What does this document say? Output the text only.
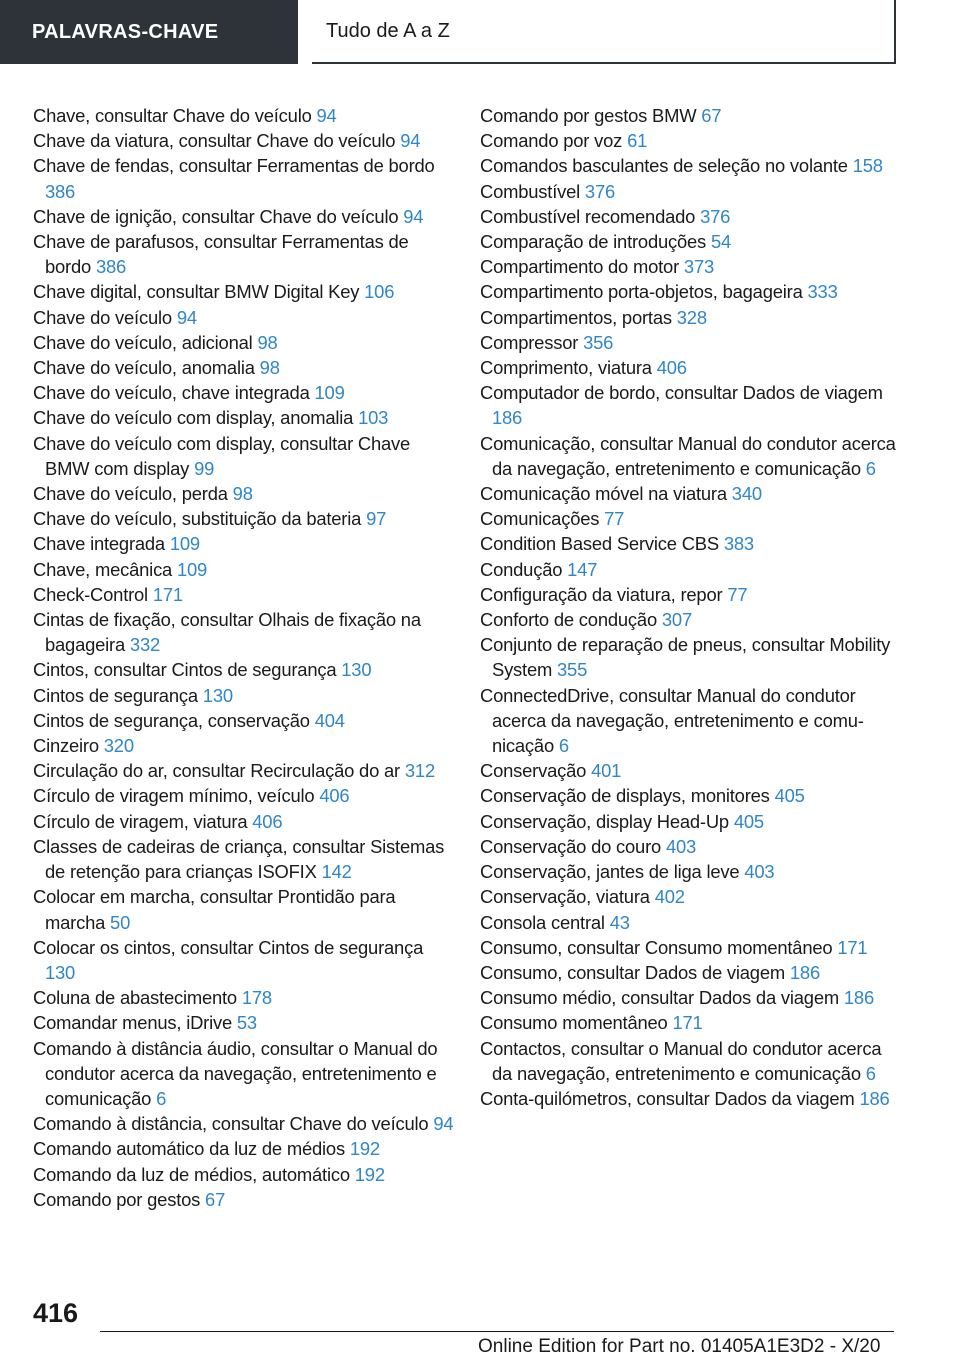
PALAVRAS-CHAVE	Tudo de A a Z
Chave, consultar Chave do veículo 94
Chave da viatura, consultar Chave do veículo 94
Chave de fendas, consultar Ferramentas de bordo 386
Chave de ignição, consultar Chave do veículo 94
Chave de parafusos, consultar Ferramentas de bordo 386
Chave digital, consultar BMW Digital Key 106
Chave do veículo 94
Chave do veículo, adicional 98
Chave do veículo, anomalia 98
Chave do veículo, chave integrada 109
Chave do veículo com display, anomalia 103
Chave do veículo com display, consultar Chave BMW com display 99
Chave do veículo, perda 98
Chave do veículo, substituição da bateria 97
Chave integrada 109
Chave, mecânica 109
Check-Control 171
Cintas de fixação, consultar Olhais de fixação na bagageira 332
Cintos, consultar Cintos de segurança 130
Cintos de segurança 130
Cintos de segurança, conservação 404
Cinzeiro 320
Circulação do ar, consultar Recirculação do ar 312
Círculo de viragem mínimo, veículo 406
Círculo de viragem, viatura 406
Classes de cadeiras de criança, consultar Sistemas de retenção para crianças ISOFIX 142
Colocar em marcha, consultar Prontidão para marcha 50
Colocar os cintos, consultar Cintos de segurança 130
Coluna de abastecimento 178
Comandar menus, iDrive 53
Comando à distância áudio, consultar o Manual do condutor acerca da navegação, entretenimento e comunicação 6
Comando à distância, consultar Chave do veículo 94
Comando automático da luz de médios 192
Comando da luz de médios, automático 192
Comando por gestos 67
Comando por gestos BMW 67
Comando por voz 61
Comandos basculantes de seleção no volante 158
Combustível 376
Combustível recomendado 376
Comparação de introduções 54
Compartimento do motor 373
Compartimento porta-objetos, bagageira 333
Compartimentos, portas 328
Compressor 356
Comprimento, viatura 406
Computador de bordo, consultar Dados de viagem 186
Comunicação, consultar Manual do condutor acerca da navegação, entretenimento e comunicação 6
Comunicação móvel na viatura 340
Comunicações 77
Condition Based Service CBS 383
Condução 147
Configuração da viatura, repor 77
Conforto de condução 307
Conjunto de reparação de pneus, consultar Mobility System 355
ConnectedDrive, consultar Manual do condutor acerca da navegação, entretenimento e comunicação 6
Conservação 401
Conservação de displays, monitores 405
Conservação, display Head-Up 405
Conservação do couro 403
Conservação, jantes de liga leve 403
Conservação, viatura 402
Consola central 43
Consumo, consultar Consumo momentâneo 171
Consumo, consultar Dados de viagem 186
Consumo médio, consultar Dados da viagem 186
Consumo momentâneo 171
Contactos, consultar o Manual do condutor acerca da navegação, entretenimento e comunicação 6
Conta-quilómetros, consultar Dados da viagem 186
416
Online Edition for Part no. 01405A1E3D2 - X/20
